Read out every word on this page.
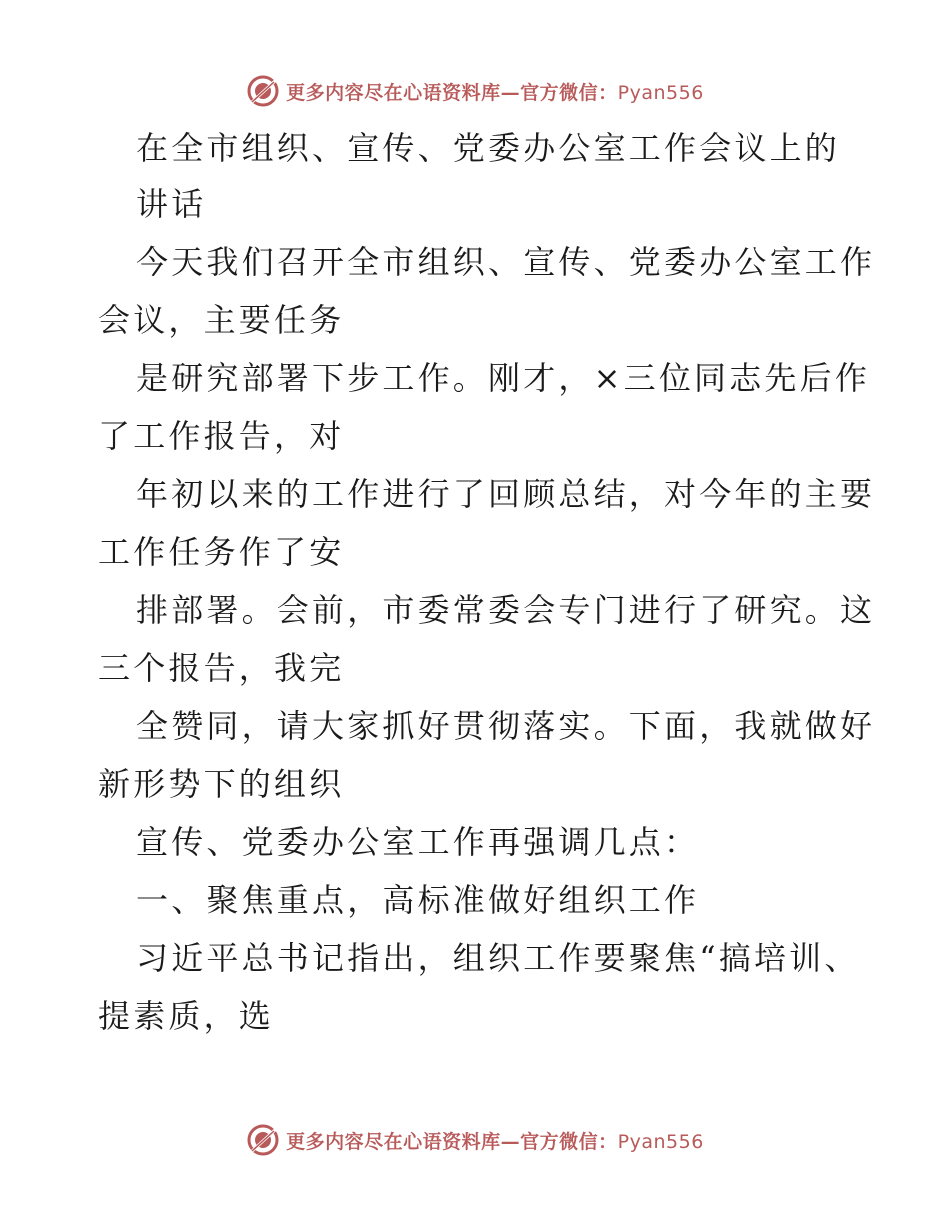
更多内容尽在心语资料库—官方微信：Pyan556
在全市组织、宣传、党委办公室工作会议上的
讲话
今天我们召开全市组织、宣传、党委办公室工作
会议，主要任务
是研究部署下步工作。刚才，×三位同志先后作
了工作报告，对
年初以来的工作进行了回顾总结，对今年的主要
工作任务作了安
排部署。会前，市委常委会专门进行了研究。这
三个报告，我完
全赞同，请大家抓好贯彻落实。下面，我就做好
新形势下的组织
宣传、党委办公室工作再强调几点：
一、聚焦重点，高标准做好组织工作
习近平总书记指出，组织工作要聚焦“搞培训、
提素质，选
更多内容尽在心语资料库—官方微信：Pyan556
